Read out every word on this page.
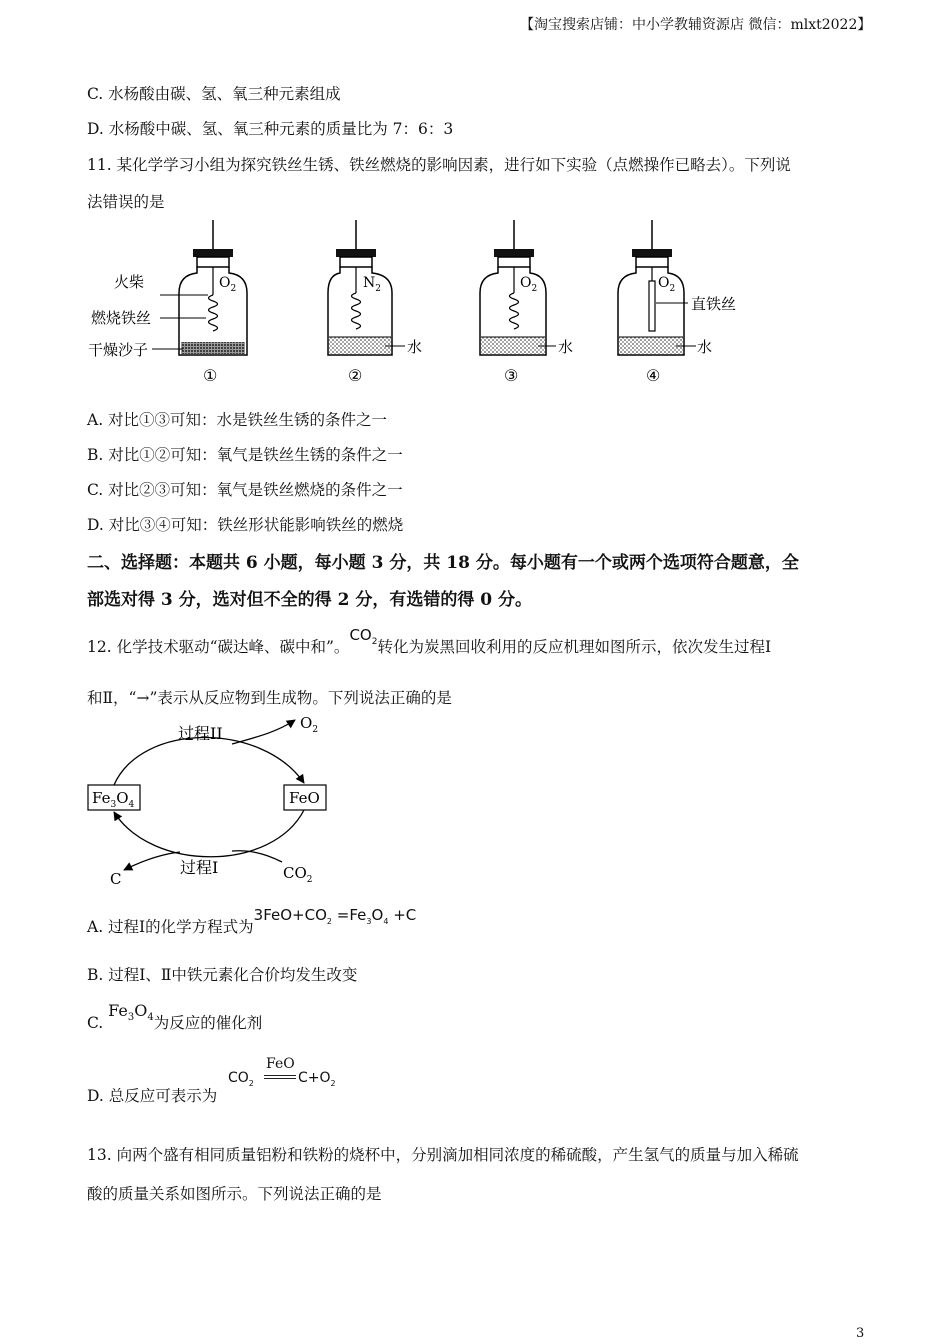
【淘宝搜索店铺：中小学教辅资源店 微信：mlxt2022】
C. 水杨酸由碳、氢、氧三种元素组成
D. 水杨酸中碳、氢、氧三种元素的质量比为 7：6：3
11. 某化学学习小组为探究铁丝生锈、铁丝燃烧的影响因素，进行如下实验（点燃操作已略去）。下列说
法错误的是
$O_2$
火柴
燃烧铁丝
干燥沙子
①
$N_2$
水
②
$O_2$
水
③
$O_2$
直铁丝
水
④
A. 对比①③可知：水是铁丝生锈的条件之一
B. 对比①②可知：氧气是铁丝生锈的条件之一
C. 对比②③可知：氧气是铁丝燃烧的条件之一
D. 对比③④可知：铁丝形状能影响铁丝的燃烧
二、选择题：本题共 6 小题，每小题 3 分，共 18 分。每小题有一个或两个选项符合题意，全
部选对得 3 分，选对但不全的得 2 分，有选错的得 0 分。
12. 化学技术驱动“碳达峰、碳中和”。$CO_2$转化为炭黑回收利用的反应机理如图所示，依次发生过程Ⅰ
和Ⅱ，“→”表示从反应物到生成物。下列说法正确的是
$Fe_3O_4$	FeO
过程II
$O_2$
过程I
C	$CO_2$
A. 过程Ⅰ的化学方程式为$3FeO+CO_2 =Fe_3O_4 +C$
B. 过程Ⅰ、Ⅱ中铁元素化合价均发生改变
C. $Fe_3O_4$为反应的催化剂
D. 总反应可表示为
$CO_2$
FeO
$C+O_2$
13. 向两个盛有相同质量铝粉和铁粉的烧杯中，分别滴加相同浓度的稀硫酸，产生氢气的质量与加入稀硫
酸的质量关系如图所示。下列说法正确的是
3
